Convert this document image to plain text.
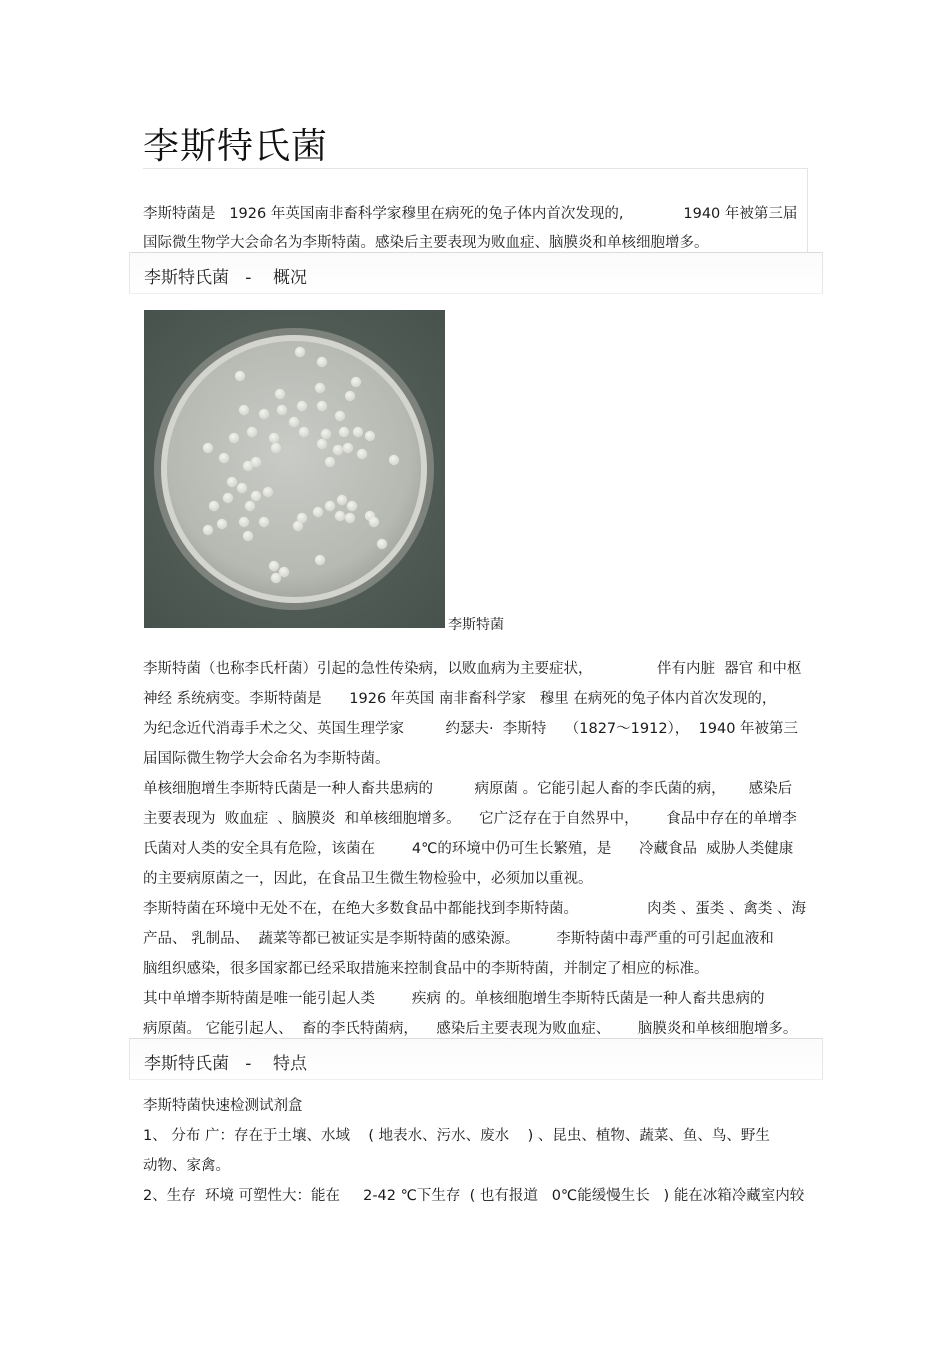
李斯特氏菌
李斯特菌是   1926 年英国南非畜科学家穆里在病死的兔子体内首次发现的,             1940 年被第三届
国际微生物学大会命名为李斯特菌。感染后主要表现为败血症、脑膜炎和单核细胞增多。
李斯特氏菌   -    概况
李斯特菌
李斯特菌（也称李氏杆菌）引起的急性传染病，以败血病为主要症状，              伴有内脏  器官 和中枢
神经 系统病变。李斯特菌是      1926 年英国 南非畜科学家   穆里 在病死的兔子体内首次发现的，
为纪念近代消毒手术之父、英国生理学家         约瑟夫·  李斯特    （1827～1912），  1940 年被第三
届国际微生物学大会命名为李斯特菌。
单核细胞增生李斯特氏菌是一种人畜共患病的         病原菌 。它能引起人畜的李氏菌的病，     感染后
主要表现为  败血症  、脑膜炎  和单核细胞增多。    它广泛存在于自然界中，      食品中存在的单增李
氏菌对人类的安全具有危险，该菌在        4℃的环境中仍可生长繁殖，是      冷藏食品  威胁人类健康
的主要病原菌之一，因此，在食品卫生微生物检验中，必须加以重视。
李斯特菌在环境中无处不在，在绝大多数食品中都能找到李斯特菌。               肉类 、蛋类 、禽类 、海
产品、 乳制品、  蔬菜等都已被证实是李斯特菌的感染源。        李斯特菌中毒严重的可引起血液和
脑组织感染，很多国家都已经采取措施来控制食品中的李斯特菌，并制定了相应的标准。
其中单增李斯特菌是唯一能引起人类        疾病 的。单核细胞增生李斯特氏菌是一种人畜共患病的
病原菌。 它能引起人、  畜的李氏特菌病，    感染后主要表现为败血症、      脑膜炎和单核细胞增多。
李斯特氏菌   -    特点
李斯特菌快速检测试剂盒
1、 分布 广：存在于土壤、水域    ( 地表水、污水、废水    ) 、昆虫、植物、蔬菜、鱼、鸟、野生
动物、家禽。
2、生存  环境 可塑性大：能在     2-42 ℃下生存  ( 也有报道   0℃能缓慢生长   ) 能在冰箱冷藏室内较
